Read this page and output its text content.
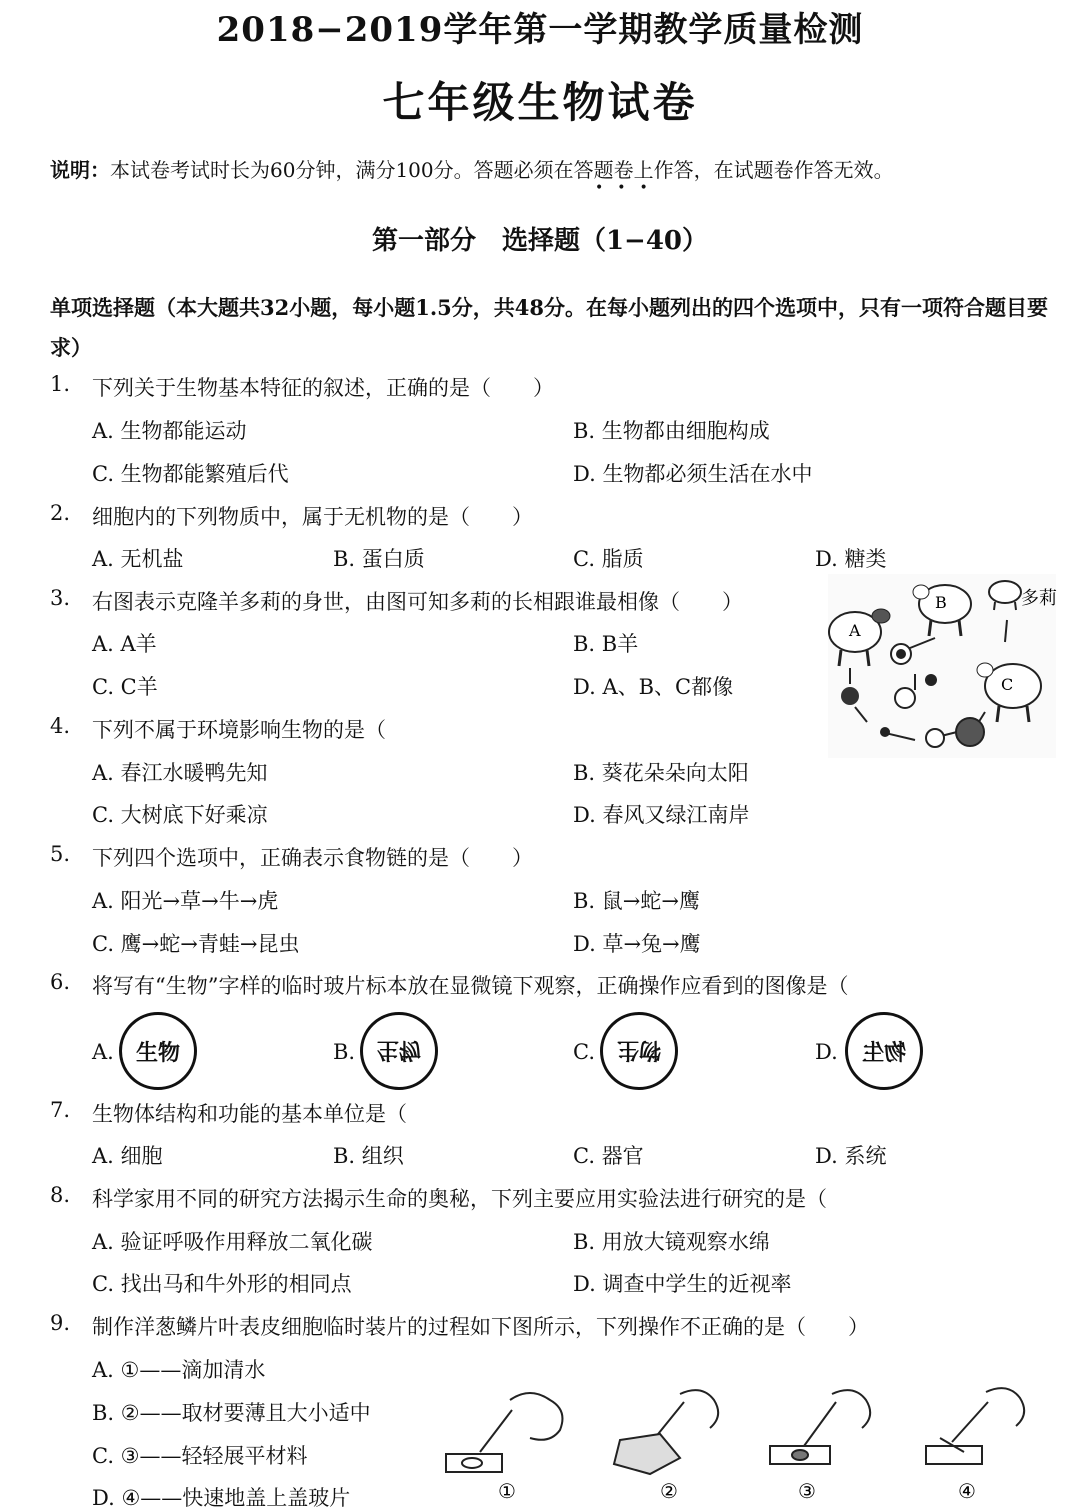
2018−2019学年第一学期教学质量检测
七年级生物试卷
说明：本试卷考试时长为60分钟，满分100分。答题必须在答题卷上作答，在试题卷作答无效。
•••
第一部分　选择题（1−40）
单项选择题（本大题共32小题，每小题1.5分，共48分。在每小题列出的四个选项中，只有一项符合题目要求）
1. 下列关于生物基本特征的叙述，正确的是（　　）
A. 生物都能运动	B. 生物都由细胞构成
C. 生物都能繁殖后代	D. 生物都必须生活在水中
2. 细胞内的下列物质中，属于无机物的是（　　）
A. 无机盐	B. 蛋白质	C. 脂质	D. 糖类
3. 右图表示克隆羊多莉的身世，由图可知多莉的长相跟谁最相像（　　）
A. A羊	B. B羊
C. C羊	D. A、B、C都像
A
B	多莉
C
4. 下列不属于环境影响生物的是（
A. 春江水暖鸭先知	B. 葵花朵朵向太阳
C. 大树底下好乘凉	D. 春风又绿江南岸
5. 下列四个选项中，正确表示食物链的是（　　）
A. 阳光→草→牛→虎	B. 鼠→蛇→鹰
C. 鹰→蛇→青蛙→昆虫	D. 草→兔→鹰
6. 将写有“生物”字样的临时玻片标本放在显微镜下观察，正确操作应看到的图像是（
A. 生物	B. 生物	C. 物生	D. 物生
7. 生物体结构和功能的基本单位是（
A. 细胞	B. 组织	C. 器官	D. 系统
8. 科学家用不同的研究方法揭示生命的奥秘，下列主要应用实验法进行研究的是（
A. 验证呼吸作用释放二氧化碳	B. 用放大镜观察水绵
C. 找出马和牛外形的相同点	D. 调查中学生的近视率
9. 制作洋葱鳞片叶表皮细胞临时装片的过程如下图所示，下列操作不正确的是（　　）
A. ①——滴加清水
B. ②——取材要薄且大小适中
C. ③——轻轻展平材料
D. ④——快速地盖上盖玻片	①	②	③	④
